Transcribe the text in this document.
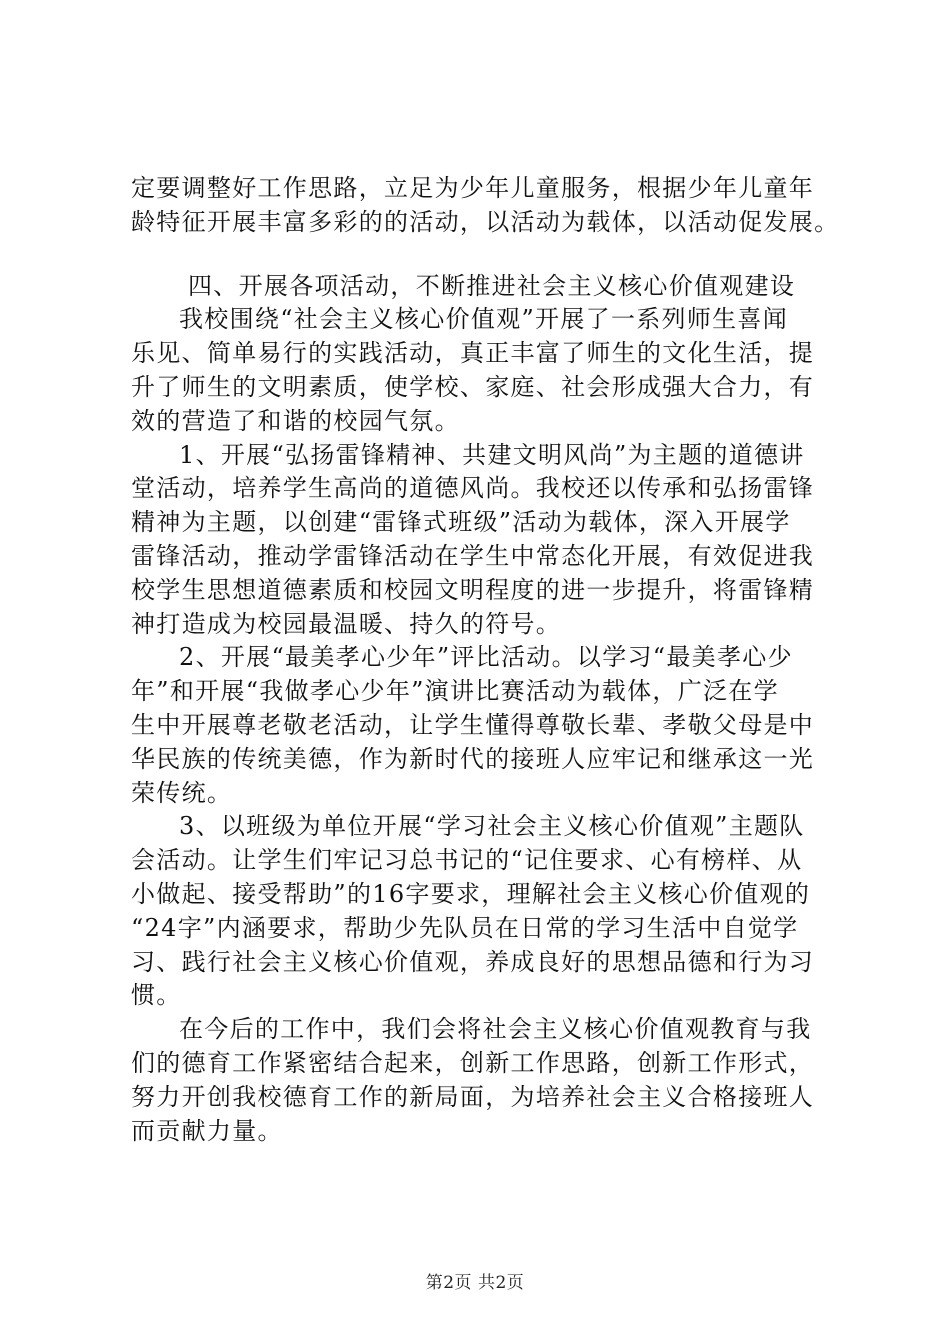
定要调整好工作思路，立足为少年儿童服务，根据少年儿童年
龄特征开展丰富多彩的的活动，以活动为载体，以活动促发展。
四、开展各项活动，不断推进社会主义核心价值观建设
我校围绕“社会主义核心价值观”开展了一系列师生喜闻
乐见、简单易行的实践活动，真正丰富了师生的文化生活，提
升了师生的文明素质，使学校、家庭、社会形成强大合力，有
效的营造了和谐的校园气氛。
1、开展“弘扬雷锋精神、共建文明风尚”为主题的道德讲
堂活动，培养学生高尚的道德风尚。我校还以传承和弘扬雷锋
精神为主题，以创建“雷锋式班级”活动为载体，深入开展学
雷锋活动，推动学雷锋活动在学生中常态化开展，有效促进我
校学生思想道德素质和校园文明程度的进一步提升，将雷锋精
神打造成为校园最温暖、持久的符号。
2、开展“最美孝心少年”评比活动。以学习“最美孝心少
年”和开展“我做孝心少年”演讲比赛活动为载体，广泛在学
生中开展尊老敬老活动，让学生懂得尊敬长辈、孝敬父母是中
华民族的传统美德，作为新时代的接班人应牢记和继承这一光
荣传统。
3、以班级为单位开展“学习社会主义核心价值观”主题队
会活动。让学生们牢记习总书记的“记住要求、心有榜样、从
小做起、接受帮助”的16字要求，理解社会主义核心价值观的
“24字”内涵要求，帮助少先队员在日常的学习生活中自觉学
习、践行社会主义核心价值观，养成良好的思想品德和行为习
惯。
在今后的工作中，我们会将社会主义核心价值观教育与我
们的德育工作紧密结合起来，创新工作思路，创新工作形式，
努力开创我校德育工作的新局面，为培养社会主义合格接班人
而贡献力量。
第2页 共2页
